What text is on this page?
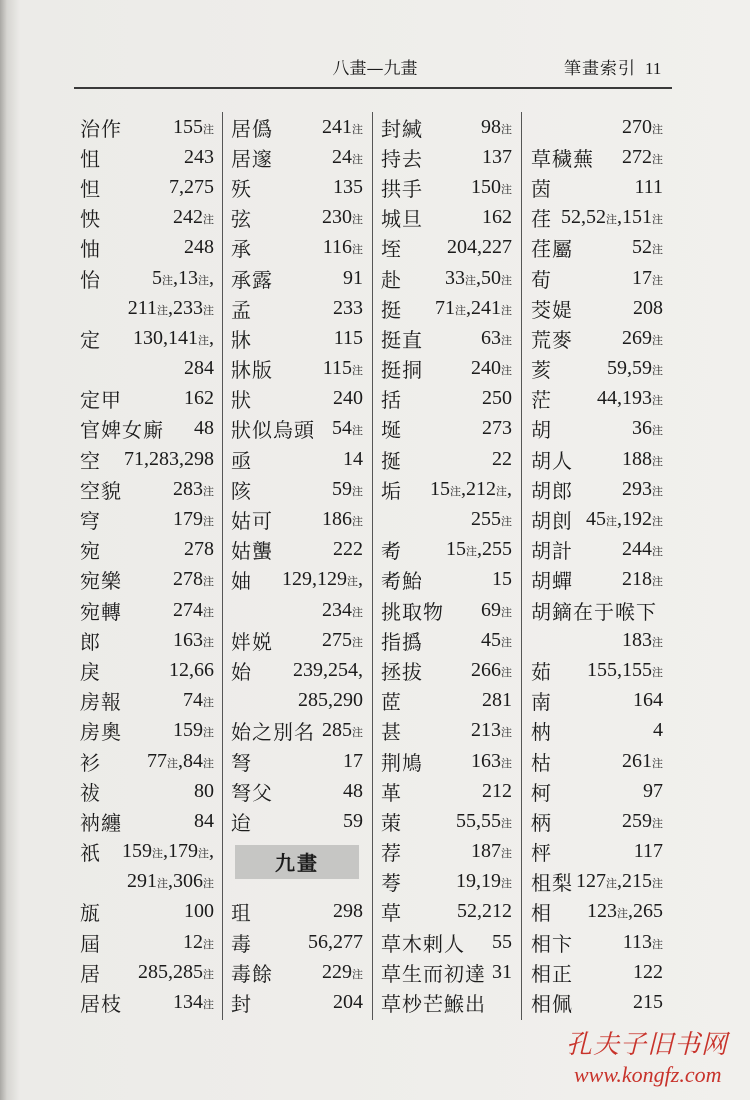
八畫—九畫	筆畫索引 11
治作	155注
怚	243
怛	7,275
怏	242注
怞	248
怡	5注,13注,
211注,233注
定 130,141注,
284
定甲	162
官婢女廝 48
空 71,283,298
空貌	283注
穹	179注
宛	278
宛樂	278注
宛轉	274注
郎	163注
戾	12,66
房報	74注
房奧	159注
衫 77注,84注
祓	80
衲纏	84
祇 159注,179注,
291注,306注
瓬	100
屆	12注
居 285,285注
居枝	134注
居僞 241注
居邃	24注
殀	135
弦	230注
承	116注
承露	91
孟	233
牀	115
牀版 115注
狀	240
狀似烏頭 54注
亟	14
陔	59注
姑可 186注
姑蠪	222
妯 129,129注,
234注
姅娧 275注
始 239,254,
285,290
始之別名 285注
弩	17
弩父	48
迨	59
九畫
珇	298
毒	56,277
毒餘 229注
封	204
封緘	98注
持去	137
拱手 150注
城旦	162
垤 204,227
赴 33注,50注
挺 71注,241注
挺直	63注
挺挏 240注
括	250
埏	273
挻	22
垢 15注,212注,
255注
耇 15注,255
耇鮐	15
挑取物 69注
指撝	45注
拯拔 266注
茝	281
甚	213注
荆鳩 163注
革	212
茦	55,55注
荐	187注
荂	19,19注
草	52,212
草木剌人 55
草生而初達 31
草杪芒鯸出
270注
草穢蕪 272注
茵	111
荏 52,52注,151注
荏屬	52注
荀	17注
茭媞	208
荒麥 269注
荄	59,59注
茫 44,193注
胡	36注
胡人 188注
胡郎 293注
胡剆 45注,192注
胡計 244注
胡蟬 218注
胡鏑在于喉下
183注
茹 155,155注
南	164
枘	4
枯	261注
柯	97
柄	259注
枰	117
柤梨 127注,215注
相 123注,265
相卞 113注
相正	122
相佩	215
孔夫子旧书网
www.kongfz.com
